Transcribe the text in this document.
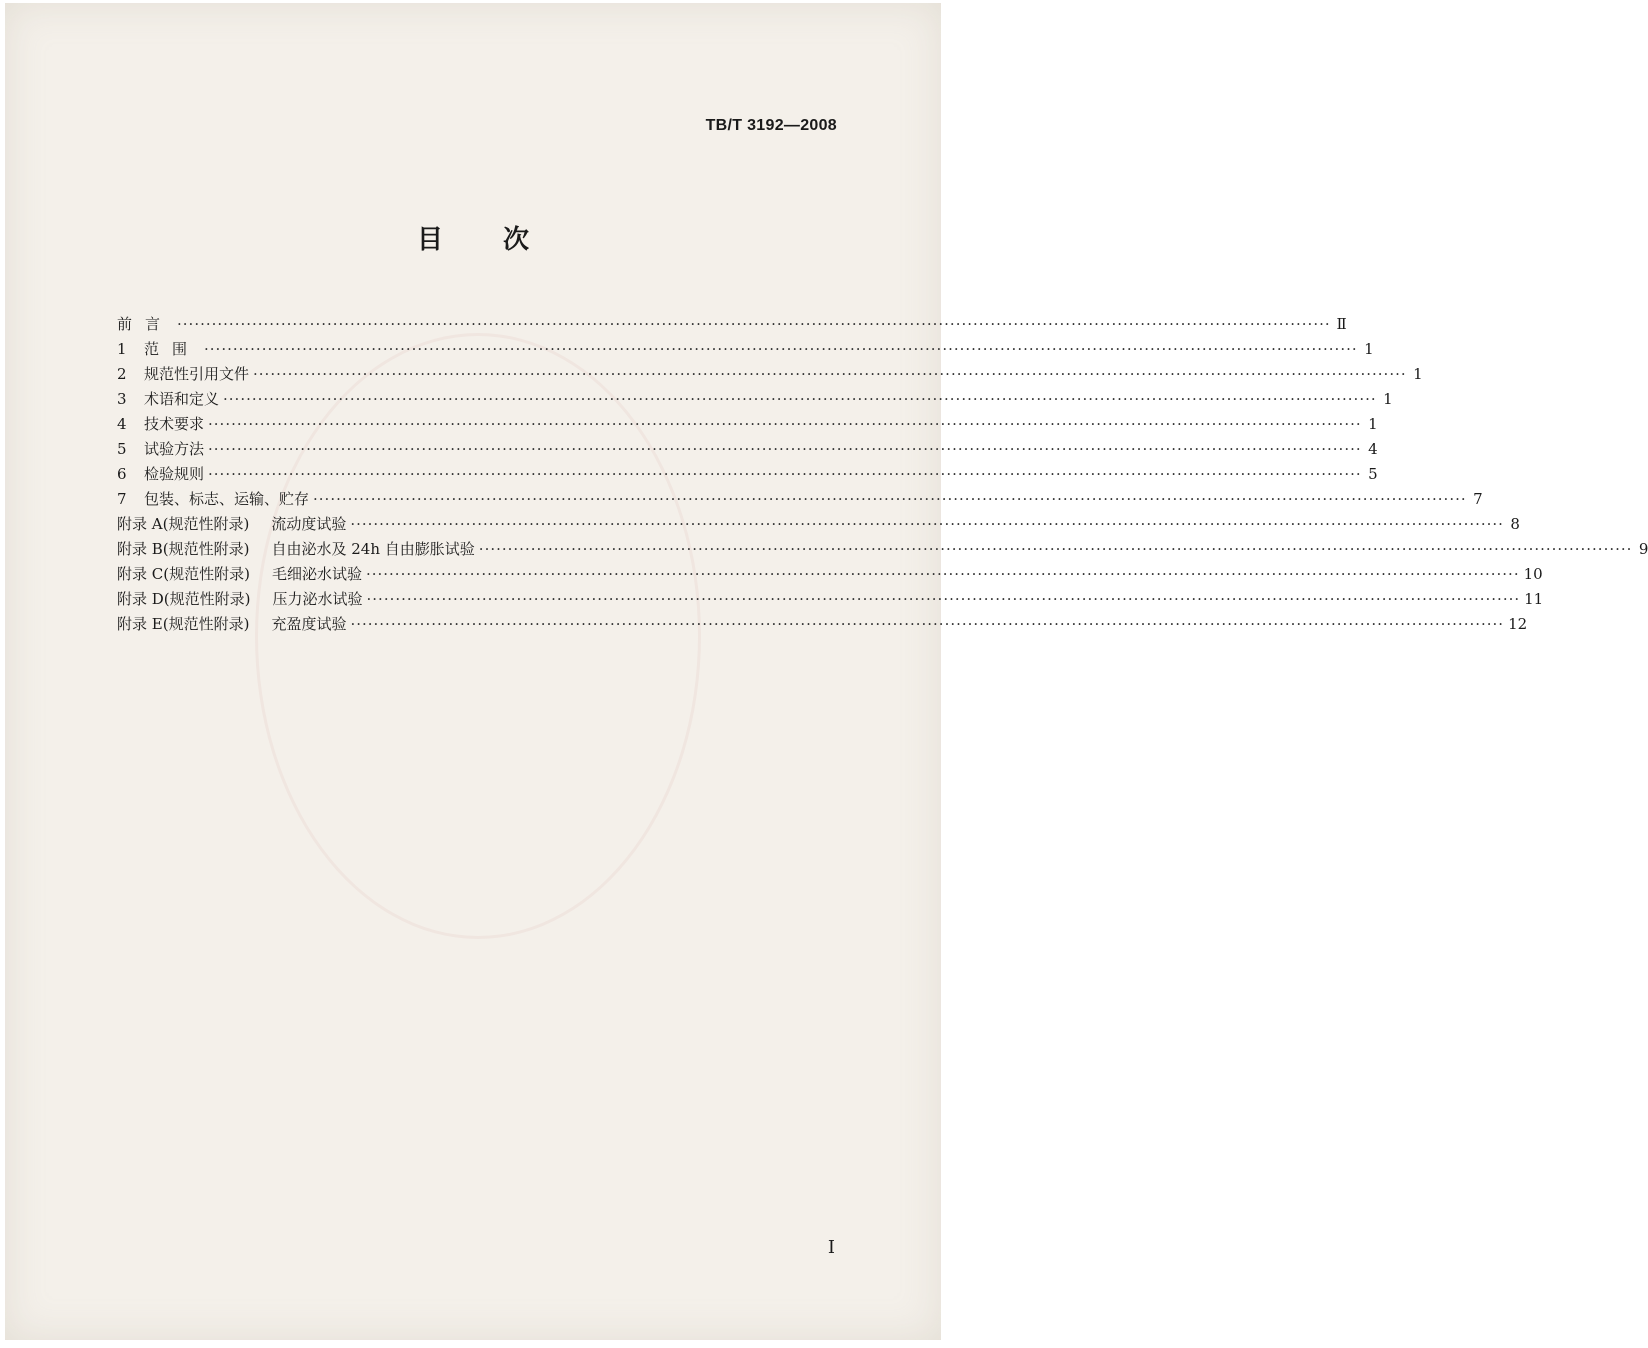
TB/T 3192—2008
目 次
前言 ········································································································································································································ Ⅱ
1	范围 ········································································································································································································ 1
2	规范性引用文件 ········································································································································································································ 1
3	术语和定义 ········································································································································································································ 1
4	技术要求 ········································································································································································································ 1
5	试验方法 ········································································································································································································ 4
6	检验规则 ········································································································································································································ 5
7	包装、标志、运输、贮存 ········································································································································································································ 7
附录 A(规范性附录) 流动度试验 ········································································································································································································ 8
附录 B(规范性附录) 自由泌水及 24h 自由膨胀试验 ········································································································································································································ 9
附录 C(规范性附录) 毛细泌水试验 ········································································································································································································ 10
附录 D(规范性附录) 压力泌水试验 ········································································································································································································ 11
附录 E(规范性附录) 充盈度试验 ········································································································································································································ 12
I
